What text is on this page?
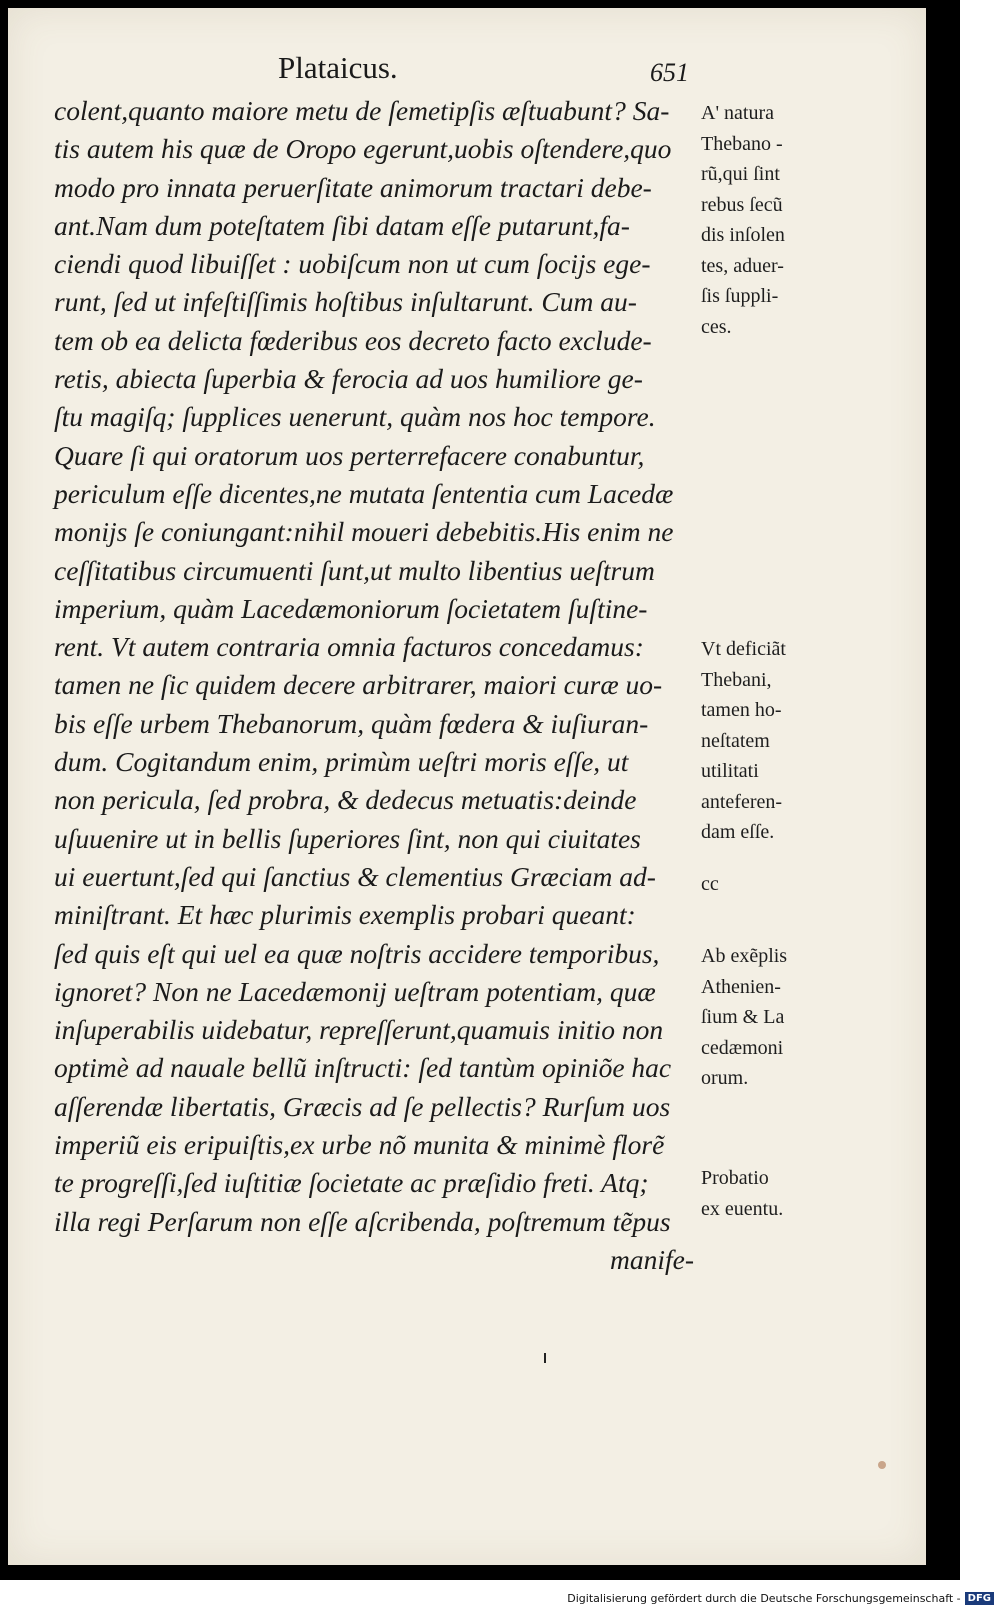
Plataicus.	651
colent,quanto maiore metu de ſemetipſis æſtuabunt? Sa-
tis autem his quæ de Oropo egerunt,uobis oſtendere,quo
modo pro innata peruerſitate animorum tractari debe-
ant.Nam dum poteſtatem ſibi datam eſſe putarunt,fa-
ciendi quod libuiſſet : uobiſcum non ut cum ſocijs ege-
runt, ſed ut infeſtiſſimis hoſtibus inſultarunt. Cum au-
tem ob ea delicta fœderibus eos decreto facto exclude-
retis, abiecta ſuperbia & ferocia ad uos humiliore ge-
ſtu magiſq; ſupplices uenerunt, quàm nos hoc tempore.
Quare ſi qui oratorum uos perterrefacere conabuntur,
periculum eſſe dicentes,ne mutata ſententia cum Lacedæ
monijs ſe coniungant:nihil moueri debebitis.His enim ne
ceſſitatibus circumuenti ſunt,ut multo libentius ueſtrum
imperium, quàm Lacedæmoniorum ſocietatem ſuſtine-
rent. Vt autem contraria omnia facturos concedamus:
tamen ne ſic quidem decere arbitrarer, maiori curæ uo-
bis eſſe urbem Thebanorum, quàm fœdera & iuſiuran-
dum. Cogitandum enim, primùm ueſtri moris eſſe, ut
non pericula, ſed probra, & dedecus metuatis:deinde
uſuuenire ut in bellis ſuperiores ſint, non qui ciuitates
ui euertunt,ſed qui ſanctius & clementius Græciam ad-
miniſtrant. Et hæc plurimis exemplis probari queant:
ſed quis eſt qui uel ea quæ noſtris accidere temporibus,
ignoret? Non ne Lacedæmonij ueſtram potentiam, quæ
inſuperabilis uidebatur, repreſſerunt,quamuis initio non
optimè ad nauale bellũ inſtructi: ſed tantùm opiniõe hac
aſſerendæ libertatis, Græcis ad ſe pellectis? Rurſum uos
imperiũ eis eripuiſtis,ex urbe nõ munita & minimè florẽ
te progreſſi,ſed iuſtitiæ ſocietate ac præſidio freti. Atq;
illa regi Perſarum non eſſe aſcribenda, poſtremum tẽpus
manife-
A' natura
Thebano -
rũ,qui ſint
rebus ſecũ
dis inſolen
tes, aduer-
ſis ſuppli-
ces.
Vt deficiãt
Thebani,
tamen ho-
neſtatem
utilitati
anteferen-
dam eſſe.
cc
Ab exẽplis
Athenien-
ſium & La
cedæmoni
orum.
Probatio
ex euentu.
Digitalisierung gefördert durch die Deutsche Forschungsgemeinschaft - DFG
